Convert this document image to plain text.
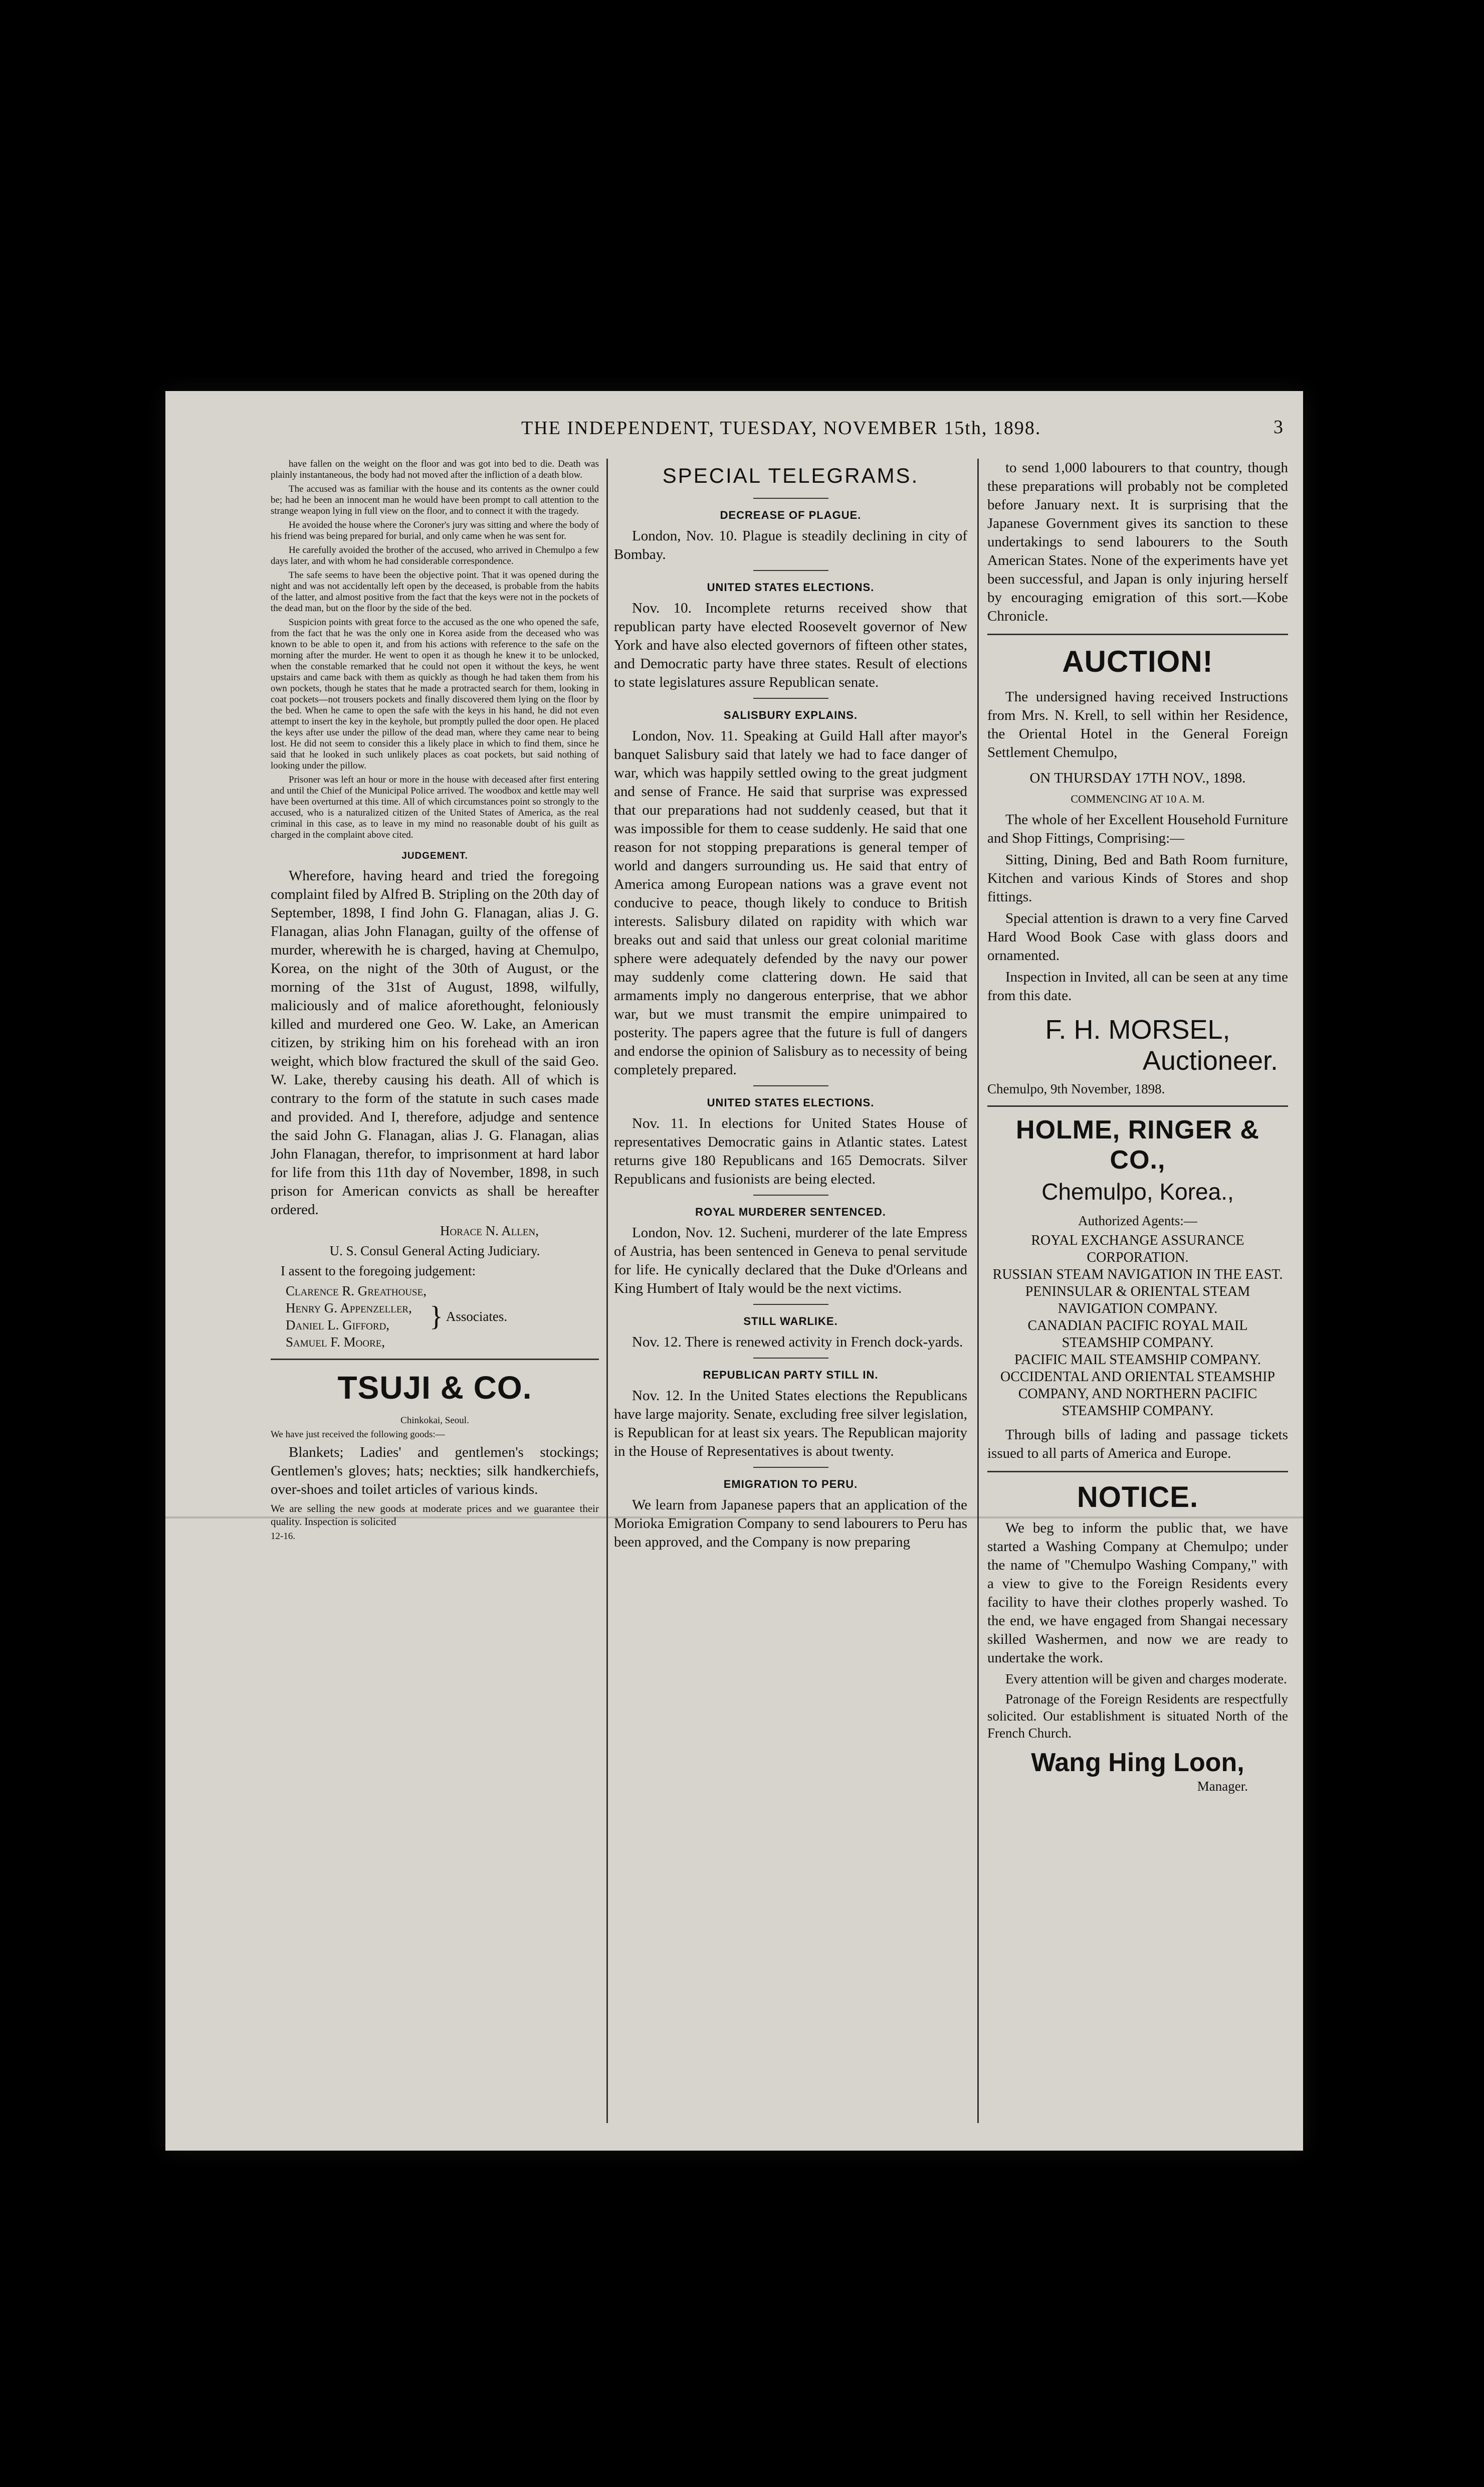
THE INDEPENDENT, TUESDAY, NOVEMBER 15th, 1898.	3

have fallen on the weight on the floor and was got into bed to die. Death was plainly instantaneous, the body had not moved after the infliction of a death blow.

The accused was as familiar with the house and its contents as the owner could be; had he been an innocent man he would have been prompt to call attention to the strange weapon lying in full view on the floor, and to connect it with the tragedy.

He avoided the house where the Coroner's jury was sitting and where the body of his friend was being prepared for burial, and only came when he was sent for.

He carefully avoided the brother of the accused, who arrived in Chemulpo a few days later, and with whom he had considerable correspondence.

The safe seems to have been the objective point. That it was opened during the night and was not accidentally left open by the deceased, is probable from the habits of the latter, and almost positive from the fact that the keys were not in the pockets of the dead man, but on the floor by the side of the bed.

Suspicion points with great force to the accused as the one who opened the safe, from the fact that he was the only one in Korea aside from the deceased who was known to be able to open it, and from his actions with reference to the safe on the morning after the murder. He went to open it as though he knew it to be unlocked, when the constable remarked that he could not open it without the keys, he went upstairs and came back with them as quickly as though he had taken them from his own pockets, though he states that he made a protracted search for them, looking in coat pockets—not trousers pockets and finally discovered them lying on the floor by the bed. When he came to open the safe with the keys in his hand, he did not even attempt to insert the key in the keyhole, but promptly pulled the door open. He placed the keys after use under the pillow of the dead man, where they came near to being lost. He did not seem to consider this a likely place in which to find them, since he said that he looked in such unlikely places as coat pockets, but said nothing of looking under the pillow.

Prisoner was left an hour or more in the house with deceased after first entering and until the Chief of the Municipal Police arrived. The woodbox and kettle may well have been overturned at this time. All of which circumstances point so strongly to the accused, who is a naturalized citizen of the United States of America, as the real criminal in this case, as to leave in my mind no reasonable doubt of his guilt as charged in the complaint above cited.

JUDGEMENT.

Wherefore, having heard and tried the foregoing complaint filed by Alfred B. Stripling on the 20th day of September, 1898, I find John G. Flanagan, alias J. G. Flanagan, alias John Flanagan, guilty of the offense of murder, wherewith he is charged, having at Chemulpo, Korea, on the night of the 30th of August, or the morning of the 31st of August, 1898, wilfully, maliciously and of malice aforethought, feloniously killed and murdered one Geo. W. Lake, an American citizen, by striking him on his forehead with an iron weight, which blow fractured the skull of the said Geo. W. Lake, thereby causing his death. All of which is contrary to the form of the statute in such cases made and provided. And I, therefore, adjudge and sentence the said John G. Flanagan, alias J. G. Flanagan, alias John Flanagan, therefor, to imprisonment at hard labor for life from this 11th day of November, 1898, in such prison for American convicts as shall be hereafter ordered.

Horace N. Allen,

U. S. Consul General Acting Judiciary.

I assent to the foregoing judgement:

Clarence R. Greathouse,
Henry G. Appenzeller,
Daniel L. Gifford,
Samuel F. Moore,
} Associates.
TSUJI & CO.

Chinkokai, Seoul.

We have just received the following goods:—

Blankets; Ladies' and gentlemen's stockings; Gentlemen's gloves; hats; neckties; silk handkerchiefs, over-shoes and toilet articles of various kinds.

We are selling the new goods at moderate prices and we guarantee their quality. Inspection is solicited

12-16.

SPECIAL TELEGRAMS.
DECREASE OF PLAGUE.

London, Nov. 10. Plague is steadily declining in city of Bombay.

UNITED STATES ELECTIONS.

Nov. 10. Incomplete returns received show that republican party have elected Roosevelt governor of New York and have also elected governors of fifteen other states, and Democratic party have three states. Result of elections to state legislatures assure Republican senate.

SALISBURY EXPLAINS.

London, Nov. 11. Speaking at Guild Hall after mayor's banquet Salisbury said that lately we had to face danger of war, which was happily settled owing to the great judgment and sense of France. He said that surprise was expressed that our preparations had not suddenly ceased, but that it was impossible for them to cease suddenly. He said that one reason for not stopping preparations is general temper of world and dangers surrounding us. He said that entry of America among European nations was a grave event not conducive to peace, though likely to conduce to British interests. Salisbury dilated on rapidity with which war breaks out and said that unless our great colonial maritime sphere were adequately defended by the navy our power may suddenly come clattering down. He said that armaments imply no dangerous enterprise, that we abhor war, but we must transmit the empire unimpaired to posterity. The papers agree that the future is full of dangers and endorse the opinion of Salisbury as to necessity of being completely prepared.

UNITED STATES ELECTIONS.

Nov. 11. In elections for United States House of representatives Democratic gains in Atlantic states. Latest returns give 180 Republicans and 165 Democrats. Silver Republicans and fusionists are being elected.

ROYAL MURDERER SENTENCED.

London, Nov. 12. Sucheni, murderer of the late Empress of Austria, has been sentenced in Geneva to penal servitude for life. He cynically declared that the Duke d'Orleans and King Humbert of Italy would be the next victims.

STILL WARLIKE.

Nov. 12. There is renewed activity in French dock-yards.

REPUBLICAN PARTY STILL IN.

Nov. 12. In the United States elections the Republicans have large majority. Senate, excluding free silver legislation, is Republican for at least six years. The Republican majority in the House of Representatives is about twenty.

EMIGRATION TO PERU.

We learn from Japanese papers that an application of the Morioka Emigration Company to send labourers to Peru has been approved, and the Company is now preparing

to send 1,000 labourers to that country, though these preparations will probably not be completed before January next. It is surprising that the Japanese Government gives its sanction to these undertakings to send labourers to the South American States. None of the experiments have yet been successful, and Japan is only injuring herself by encouraging emigration of this sort.—Kobe Chronicle.

AUCTION!

The undersigned having received Instructions from Mrs. N. Krell, to sell within her Residence, the Oriental Hotel in the General Foreign Settlement Chemulpo,

ON THURSDAY 17TH NOV., 1898.

COMMENCING AT 10 A. M.

The whole of her Excellent Household Furniture and Shop Fittings, Comprising:—

Sitting, Dining, Bed and Bath Room furniture, Kitchen and various Kinds of Stores and shop fittings.

Special attention is drawn to a very fine Carved Hard Wood Book Case with glass doors and ornamented.

Inspection in Invited, all can be seen at any time from this date.

F. H. MORSEL,
Auctioneer.

Chemulpo, 9th November, 1898.

HOLME, RINGER & CO.,
Chemulpo, Korea.,

Authorized Agents:—

ROYAL EXCHANGE ASSURANCE CORPORATION.

RUSSIAN STEAM NAVIGATION IN THE EAST.

PENINSULAR & ORIENTAL STEAM NAVIGATION COMPANY.

CANADIAN PACIFIC ROYAL MAIL STEAMSHIP COMPANY.

PACIFIC MAIL STEAMSHIP COMPANY.

OCCIDENTAL AND ORIENTAL STEAMSHIP COMPANY, AND NORTHERN PACIFIC STEAMSHIP COMPANY.

Through bills of lading and passage tickets issued to all parts of America and Europe.

NOTICE.

We beg to inform the public that, we have started a Washing Company at Chemulpo; under the name of "Chemulpo Washing Company," with a view to give to the Foreign Residents every facility to have their clothes properly washed. To the end, we have engaged from Shangai necessary skilled Washermen, and now we are ready to undertake the work.

Every attention will be given and charges moderate.

Patronage of the Foreign Residents are respectfully solicited. Our establishment is situated North of the French Church.

Wang Hing Loon,
Manager.
